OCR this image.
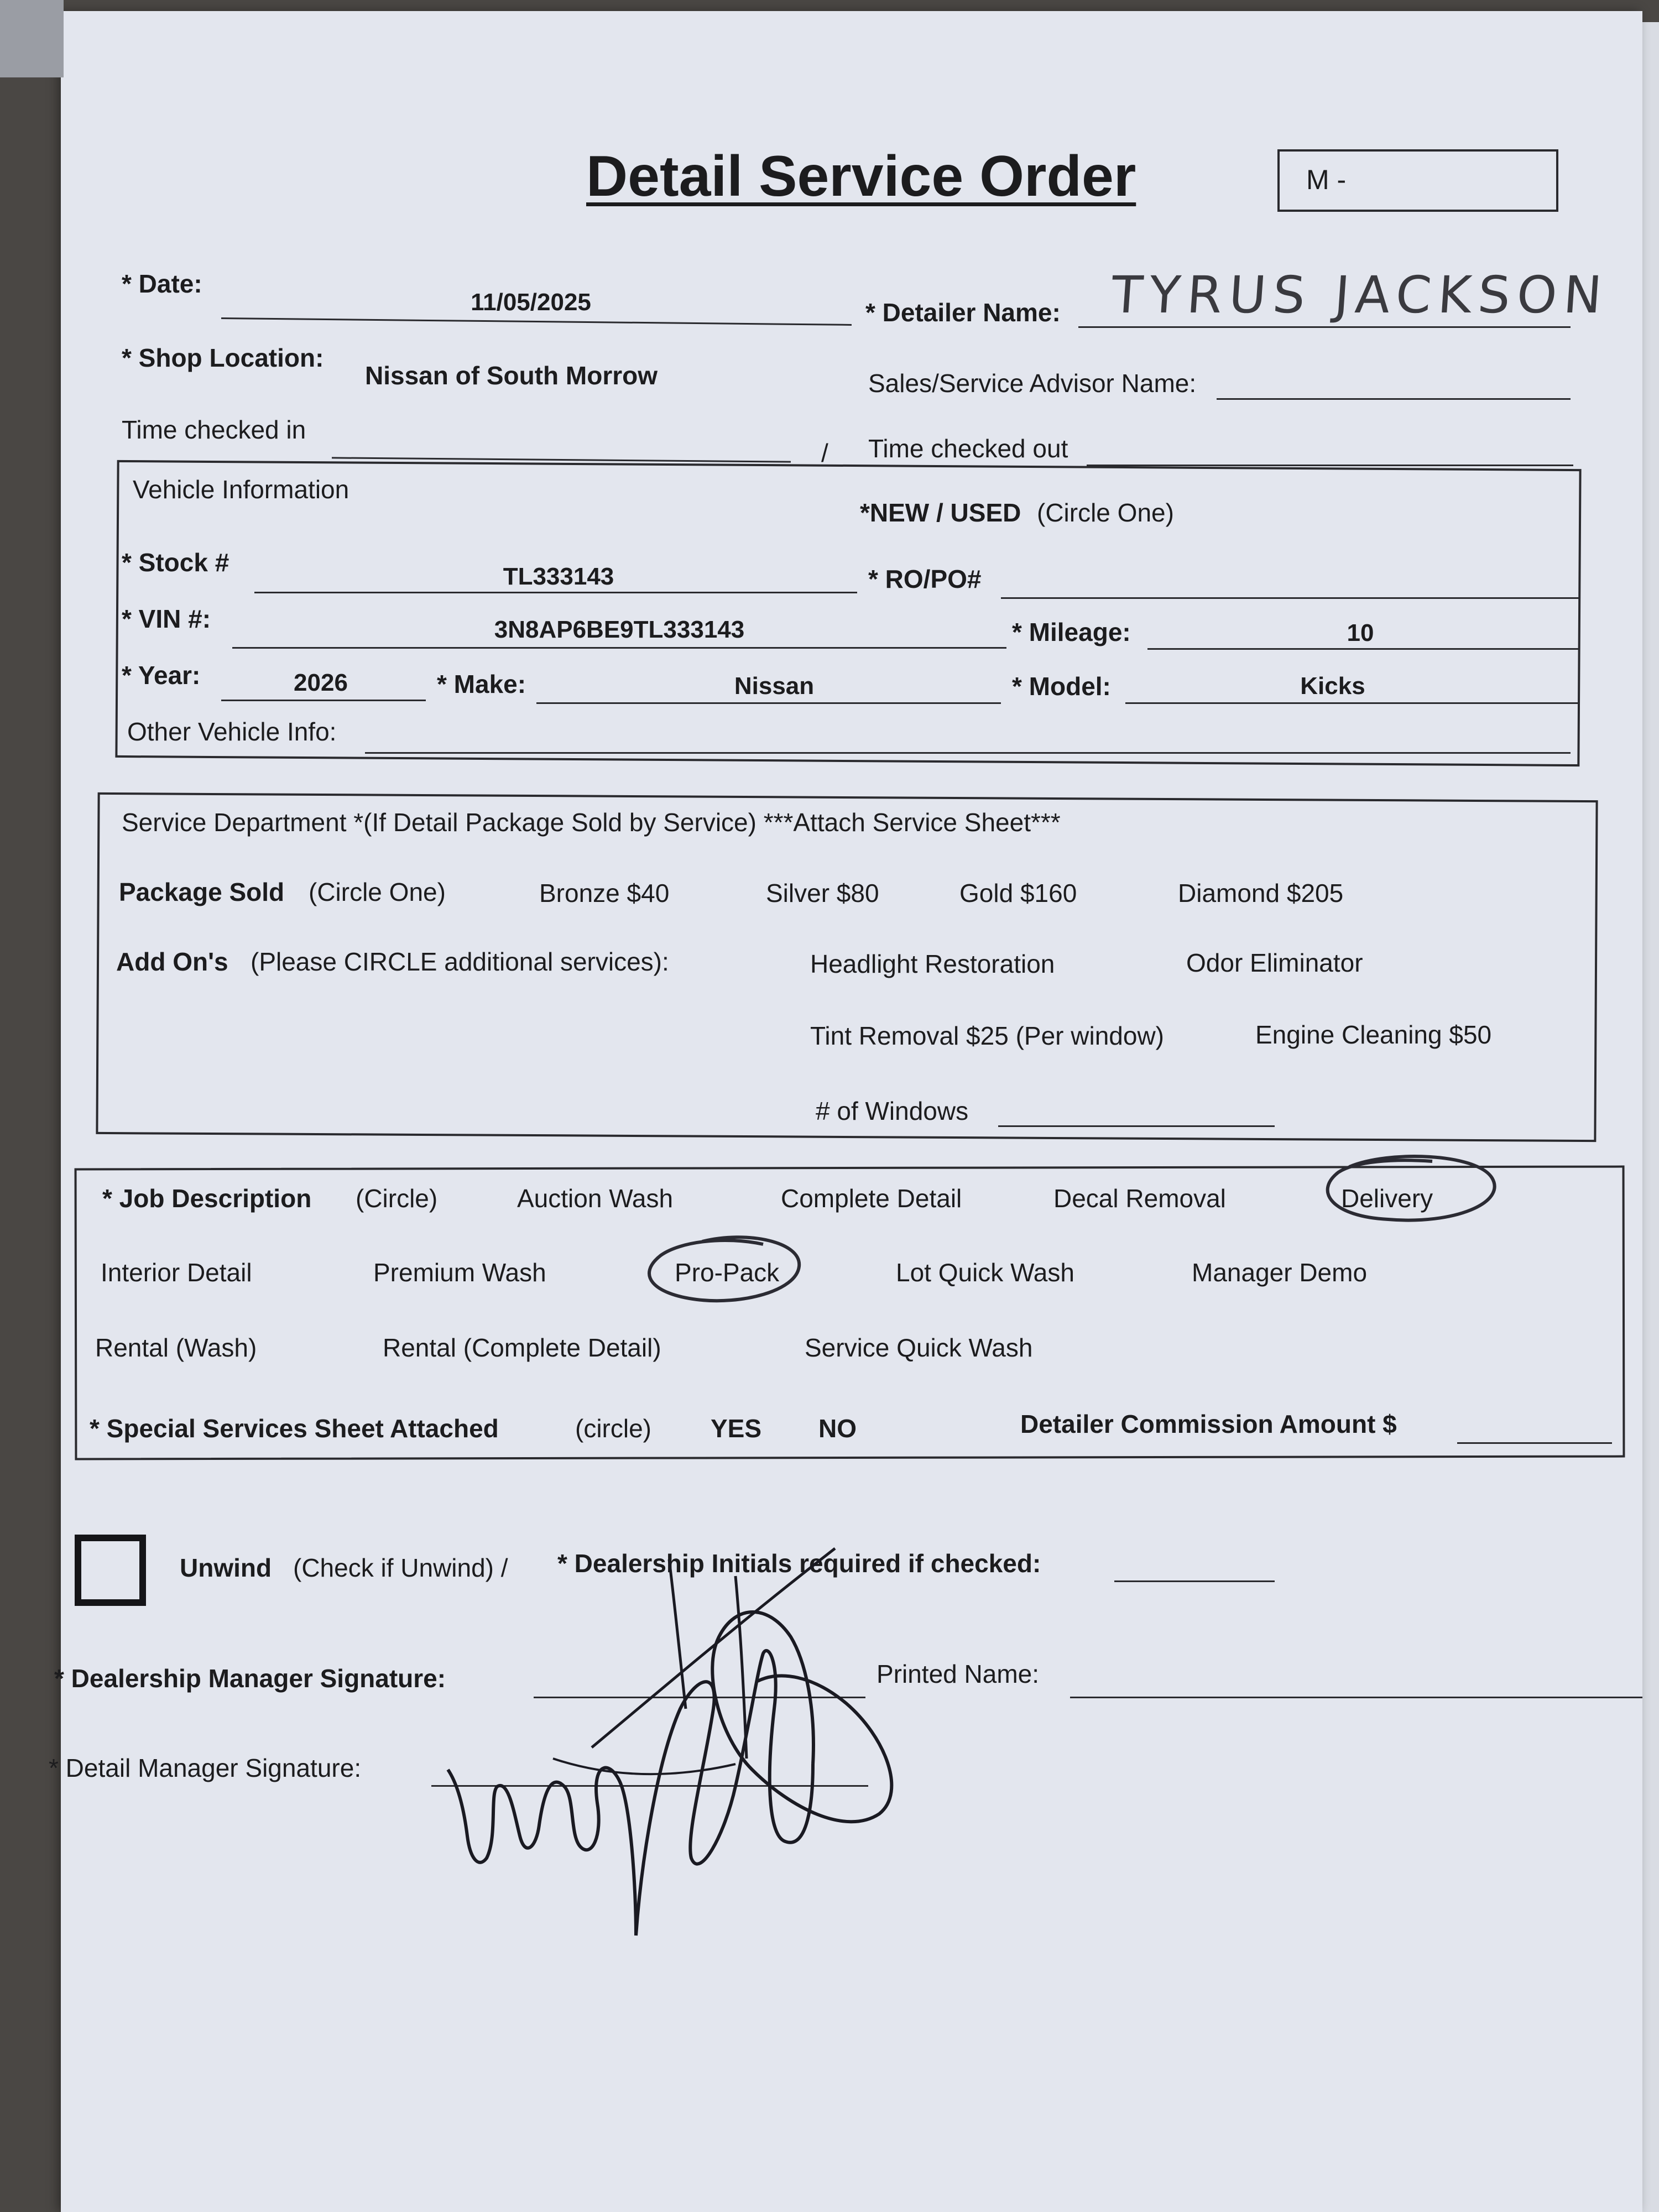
Detail Service Order	M -
* Date:
11/05/2025	* Detailer Name: TYRUS JACKSON
* Shop Location:
Nissan of South Morrow	Sales/Service Advisor Name:
Time checked in
/ Time checked out
Vehicle Information
*NEW / USED (Circle One)
* Stock #	TL333143	* RO/PO#
* VIN #:	3N8AP6BE9TL333143	* Mileage:	10
* Year:	2026	* Make:	Nissan	* Model:	Kicks
Other Vehicle Info:
Service Department *(If Detail Package Sold by Service) ***Attach Service Sheet***
Package Sold (Circle One)	Bronze $40	Silver $80	Gold $160	Diamond $205
Add On's (Please CIRCLE additional services):	Headlight Restoration	Odor Eliminator
Tint Removal $25 (Per window)	Engine Cleaning $50
# of Windows
* Job Description (Circle)	Auction Wash	Complete Detail	Decal Removal	Delivery
Interior Detail	Premium Wash	Pro-Pack	Lot Quick Wash	Manager Demo
Rental (Wash)	Rental (Complete Detail)	Service Quick Wash
* Special Services Sheet Attached	(circle) YES NO	Detailer Commission Amount $
Unwind (Check if Unwind) / * Dealership Initials required if checked:
* Dealership Manager Signature:	Printed Name:
* Detail Manager Signature:
